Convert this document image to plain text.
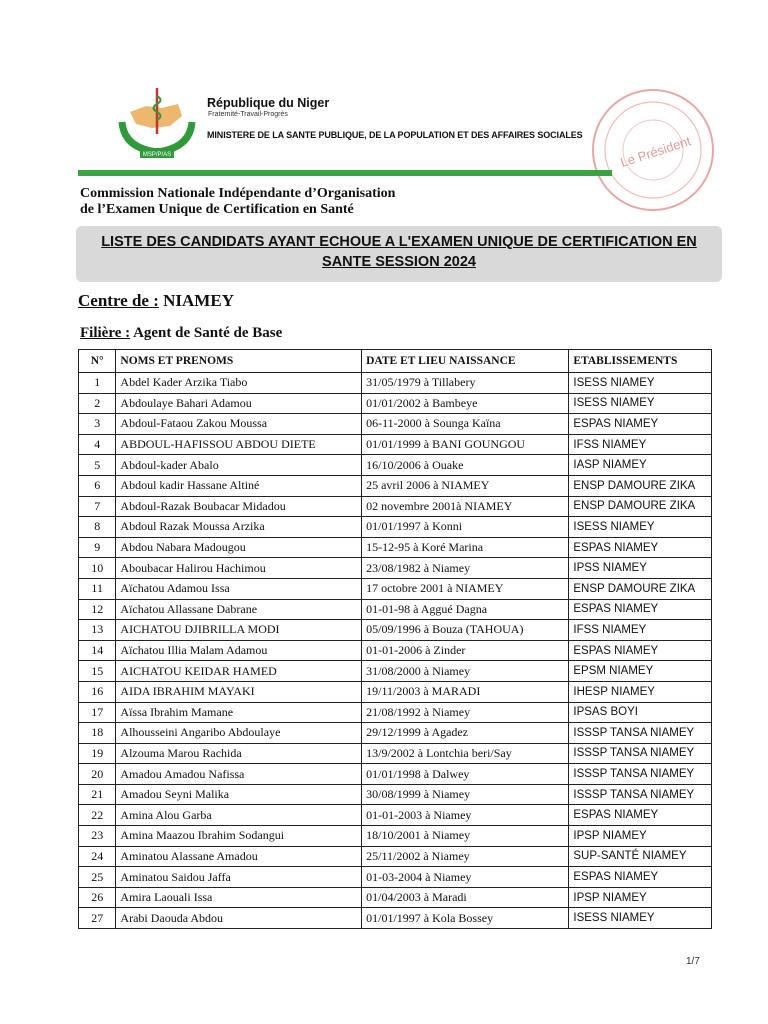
MSP/P/AS
République du Niger
Fraternité-Travail-Progrès
MINISTERE DE LA SANTE PUBLIQUE, DE LA POPULATION ET DES AFFAIRES SOCIALES	Le Président
Commission Nationale Indépendante d’Organisation
de l’Examen Unique de Certification en Santé
LISTE DES CANDIDATS AYANT ECHOUE A L'EXAMEN UNIQUE DE CERTIFICATION EN
SANTE SESSION 2024
Centre de : NIAMEY
Filière : Agent de Santé de Base
N°	NOMS ET PRENOMS	DATE ET LIEU NAISSANCE	ETABLISSEMENTS
1	Abdel Kader Arzika Tiabo	31/05/1979 à Tillabery	ISESS NIAMEY
2	Abdoulaye Bahari Adamou	01/01/2002 à Bambeye	ISESS NIAMEY
3	Abdoul-Fataou Zakou Moussa	06-11-2000 à Sounga Kaïna	ESPAS NIAMEY
4	ABDOUL-HAFISSOU ABDOU DIETE	01/01/1999 à BANI GOUNGOU	IFSS NIAMEY
5	Abdoul-kader Abalo	16/10/2006 à Ouake	IASP NIAMEY
6	Abdoul kadir Hassane Altiné	25 avril 2006 à NIAMEY	ENSP DAMOURE ZIKA
7	Abdoul-Razak Boubacar Midadou	02 novembre 2001à NIAMEY	ENSP DAMOURE ZIKA
8	Abdoul Razak Moussa Arzika	01/01/1997 à Konni	ISESS NIAMEY
9	Abdou Nabara Madougou	15-12-95 à Koré Marina	ESPAS NIAMEY
10	Aboubacar Halirou Hachimou	23/08/1982 à Niamey	IPSS NIAMEY
11	Aïchatou Adamou Issa	17 octobre 2001 à NIAMEY	ENSP DAMOURE ZIKA
12	Aïchatou Allassane Dabrane	01-01-98 à Aggué Dagna	ESPAS NIAMEY
13	AICHATOU DJIBRILLA MODI	05/09/1996 à Bouza (TAHOUA)	IFSS NIAMEY
14	Aïchatou Illia Malam Adamou	01-01-2006 à Zinder	ESPAS NIAMEY
15	AICHATOU KEIDAR HAMED	31/08/2000 à Niamey	EPSM NIAMEY
16	AIDA IBRAHIM MAYAKI	19/11/2003 à MARADI	IHESP NIAMEY
17	Aïssa Ibrahim Mamane	21/08/1992 à Niamey	IPSAS BOYI
18	Alhousseini Angaribo Abdoulaye	29/12/1999 à Agadez	ISSSP TANSA NIAMEY
19	Alzouma Marou Rachida	13/9/2002 à Lontchia beri/Say	ISSSP TANSA NIAMEY
20	Amadou Amadou Nafissa	01/01/1998 à Dalwey	ISSSP TANSA NIAMEY
21	Amadou Seyni Malika	30/08/1999 à Niamey	ISSSP TANSA NIAMEY
22	Amina Alou Garba	01-01-2003 à Niamey	ESPAS NIAMEY
23	Amina Maazou Ibrahim Sodangui	18/10/2001 à Niamey	IPSP NIAMEY
24	Aminatou Alassane Amadou	25/11/2002 à Niamey	SUP-SANTÉ NIAMEY
25	Aminatou Saidou Jaffa	01-03-2004 à Niamey	ESPAS NIAMEY
26	Amira Laouali Issa	01/04/2003 à Maradi	IPSP NIAMEY
27	Arabi Daouda Abdou	01/01/1997 à Kola Bossey	ISESS NIAMEY
1/7
